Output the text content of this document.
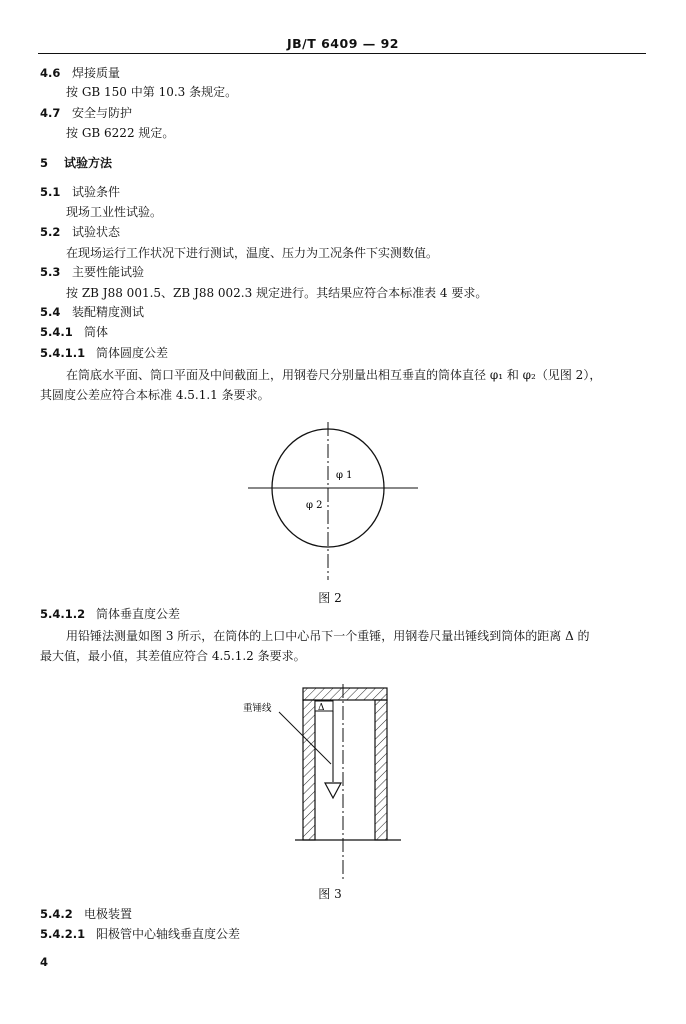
JB/T 6409 — 92
4.6 焊接质量
按 GB 150 中第 10.3 条规定。
4.7 安全与防护
按 GB 6222 规定。
5 试验方法
5.1 试验条件
现场工业性试验。
5.2 试验状态
在现场运行工作状况下进行测试，温度、压力为工况条件下实测数值。
5.3 主要性能试验
按 ZB J88 001.5、ZB J88 002.3 规定进行。其结果应符合本标准表 4 要求。
5.4 装配精度测试
5.4.1 筒体
5.4.1.1 筒体圆度公差
在筒底水平面、筒口平面及中间截面上，用钢卷尺分别量出相互垂直的筒体直径 φ₁ 和 φ₂（见图 2），
其圆度公差应符合本标准 4.5.1.1 条要求。
φ 1
φ 2
图 2
5.4.1.2 筒体垂直度公差
用铅锤法测量如图 3 所示，在筒体的上口中心吊下一个重锤，用钢卷尺量出锤线到筒体的距离 Δ 的
最大值，最小值，其差值应符合 4.5.1.2 条要求。
Δ
重锤线
图 3
5.4.2 电极装置
5.4.2.1 阳极管中心轴线垂直度公差
4
